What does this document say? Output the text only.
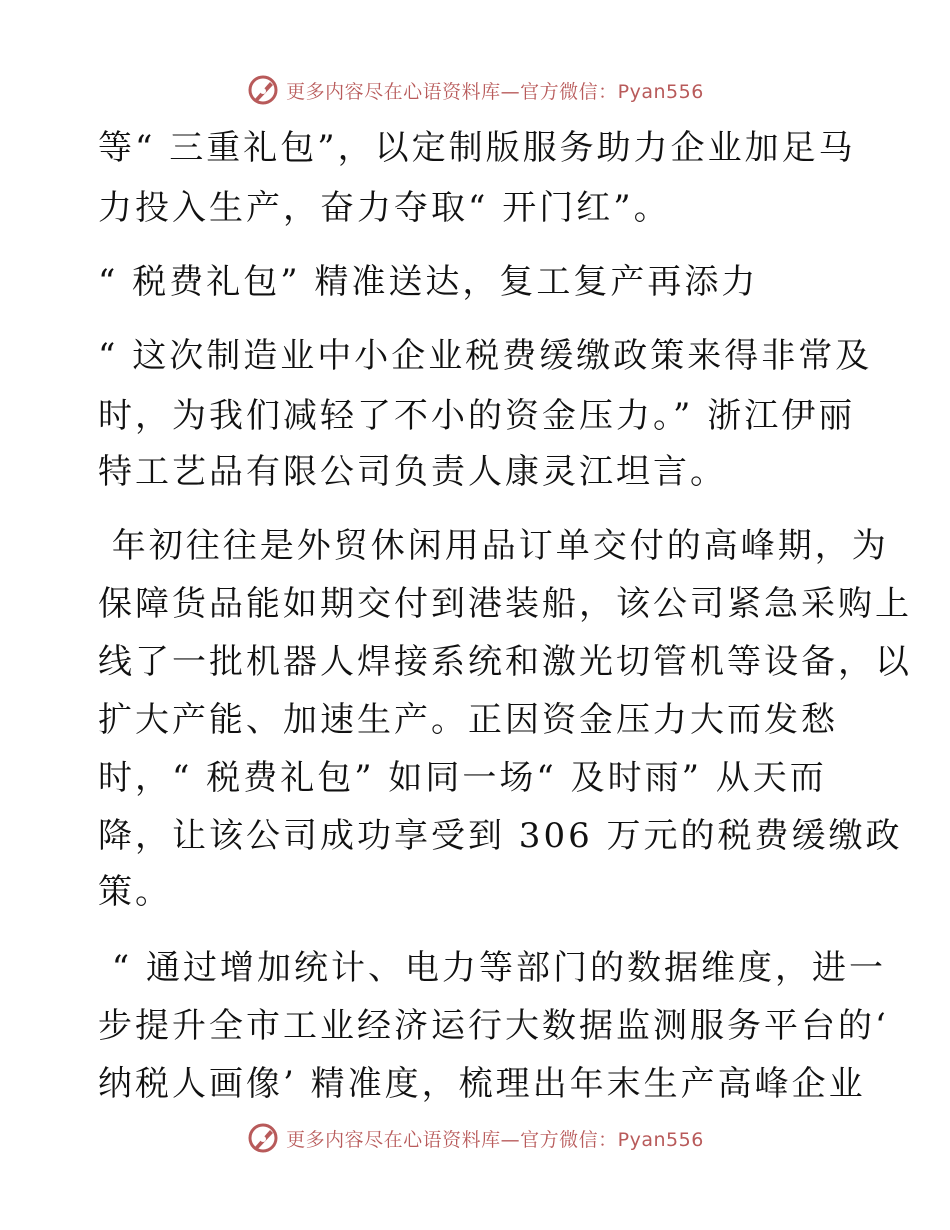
更多内容尽在心语资料库—官方微信：Pyan556
等“ 三重礼包”，以定制版服务助力企业加足马
力投入生产，奋力夺取“ 开门红”。
“ 税费礼包” 精准送达，复工复产再添力
“ 这次制造业中小企业税费缓缴政策来得非常及
时，为我们减轻了不小的资金压力。” 浙江伊丽
特工艺品有限公司负责人康灵江坦言。
年初往往是外贸休闲用品订单交付的高峰期，为
保障货品能如期交付到港装船，该公司紧急采购上
线了一批机器人焊接系统和激光切管机等设备，以
扩大产能、加速生产。正因资金压力大而发愁
时，“ 税费礼包” 如同一场“ 及时雨” 从天而
降，让该公司成功享受到 306 万元的税费缓缴政
策。
“ 通过增加统计、电力等部门的数据维度，进一
步提升全市工业经济运行大数据监测服务平台的‘
纳税人画像’ 精准度，梳理出年末生产高峰企业
更多内容尽在心语资料库—官方微信：Pyan556
